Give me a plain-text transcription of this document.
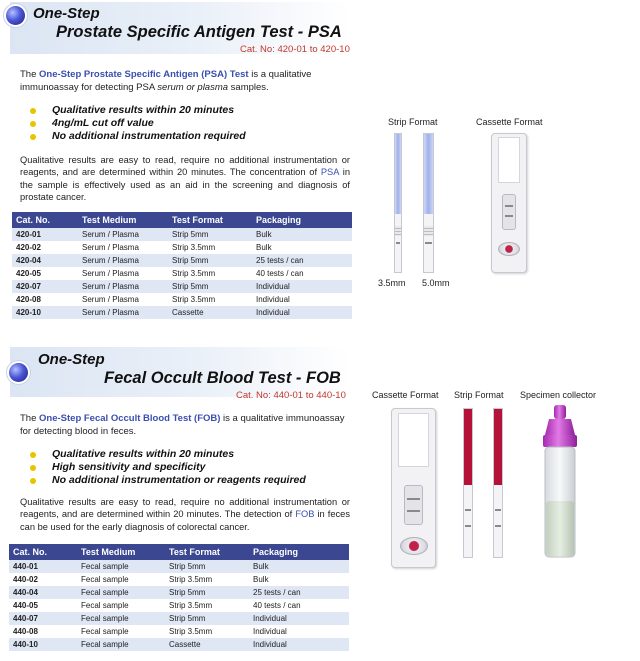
One-Step
Prostate Specific Antigen Test - PSA
Cat. No: 420-01 to 420-10

The One-Step Prostate Specific Antigen (PSA) Test is a qualitative immunoassay for detecting PSA serum or plasma samples.

Qualitative results within 20 minutes
4ng/mL cut off value
No additional instrumentation required

Qualitative results are easy to read, require no additional instrumentation or reagents, and are determined within 20 minutes. The concentration of PSA in the sample is effectively used as an aid in the screening and diagnosis of prostate cancer.

Cat. No.	Test Medium	Test Format	Packaging
420-01	Serum / Plasma	Strip 5mm	Bulk
420-02	Serum / Plasma	Strip 3.5mm	Bulk
420-04	Serum / Plasma	Strip 5mm	25 tests / can
420-05	Serum / Plasma	Strip 3.5mm	40 tests / can
420-07	Serum / Plasma	Strip 5mm	Individual
420-08	Serum / Plasma	Strip 3.5mm	Individual
420-10	Serum / Plasma	Cassette	Individual
Strip Format	Cassette Format
3.5mm 5.0mm
One-Step
Fecal Occult Blood Test - FOB
Cat. No: 440-01 to 440-10

The One-Step Fecal Occult Blood Test (FOB) is a qualitative immunoassay for detecting blood in feces.

Qualitative results within 20 minutes
High sensitivity and specificity
No additional instrumentation or reagents required

Qualitative results are easy to read, require no additional instrumentation or reagents, and are determined within 20 minutes. The detection of FOB in feces can be used for the early diagnosis of colorectal cancer.

Cat. No.	Test Medium	Test Format	Packaging
440-01	Fecal sample	Strip 5mm	Bulk
440-02	Fecal sample	Strip 3.5mm	Bulk
440-04	Fecal sample	Strip 5mm	25 tests / can
440-05	Fecal sample	Strip 3.5mm	40 tests / can
440-07	Fecal sample	Strip 5mm	Individual
440-08	Fecal sample	Strip 3.5mm	Individual
440-10	Fecal sample	Cassette	Individual
Cassette Format Strip Format Specimen collector
